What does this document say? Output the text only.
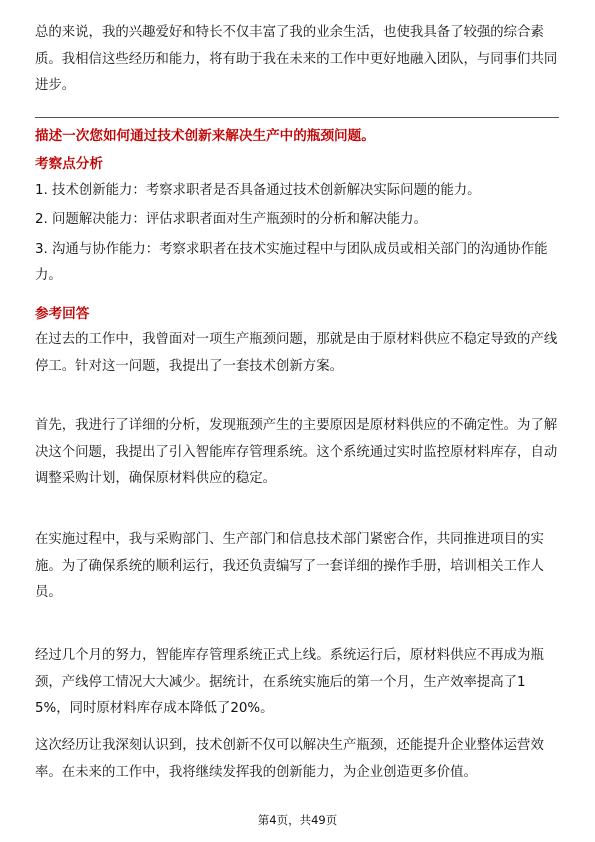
总的来说，我的兴趣爱好和特长不仅丰富了我的业余生活，也使我具备了较强的综合素质。我相信这些经历和能力，将有助于我在未来的工作中更好地融入团队，与同事们共同进步。

描述一次您如何通过技术创新来解决生产中的瓶颈问题。

考察点分析

1. 技术创新能力：考察求职者是否具备通过技术创新解决实际问题的能力。

2. 问题解决能力：评估求职者面对生产瓶颈时的分析和解决能力。

3. 沟通与协作能力：考察求职者在技术实施过程中与团队成员或相关部门的沟通协作能力。

参考回答

在过去的工作中，我曾面对一项生产瓶颈问题，那就是由于原材料供应不稳定导致的产线停工。针对这一问题，我提出了一套技术创新方案。

首先，我进行了详细的分析，发现瓶颈产生的主要原因是原材料供应的不确定性。为了解决这个问题，我提出了引入智能库存管理系统。这个系统通过实时监控原材料库存，自动调整采购计划，确保原材料供应的稳定。

在实施过程中，我与采购部门、生产部门和信息技术部门紧密合作，共同推进项目的实施。为了确保系统的顺利运行，我还负责编写了一套详细的操作手册，培训相关工作人员。

经过几个月的努力，智能库存管理系统正式上线。系统运行后，原材料供应不再成为瓶颈，产线停工情况大大减少。据统计，在系统实施后的第一个月，生产效率提高了15%，同时原材料库存成本降低了20%。

这次经历让我深刻认识到，技术创新不仅可以解决生产瓶颈，还能提升企业整体运营效率。在未来的工作中，我将继续发挥我的创新能力，为企业创造更多价值。

第4页，共49页
